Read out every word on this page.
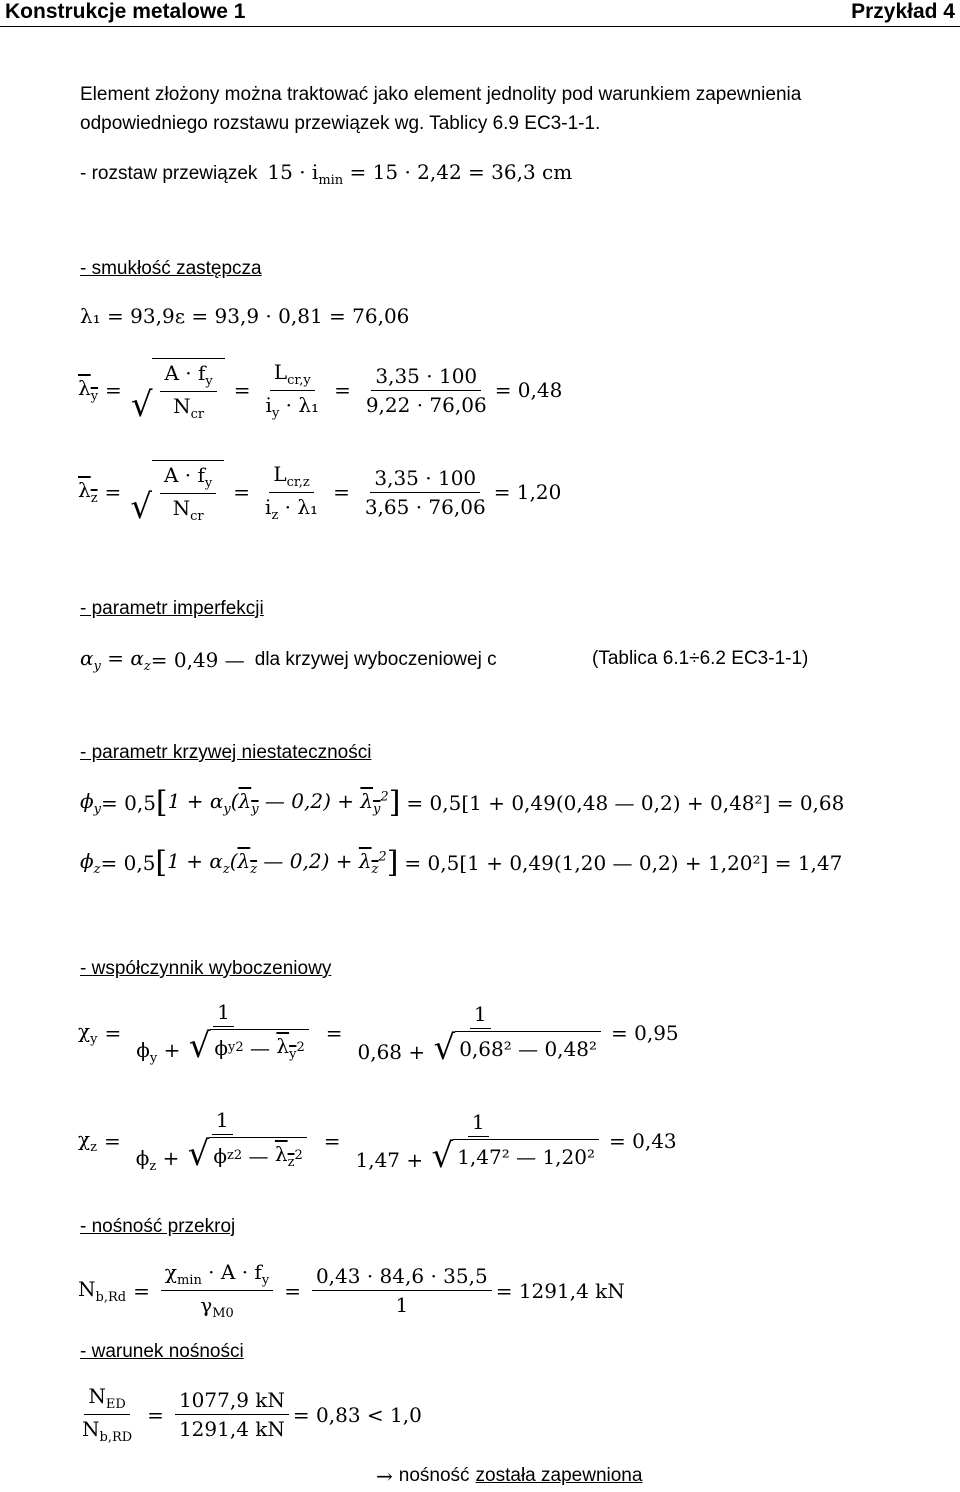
Konstrukcje metalowe 1	Przykład 4
Element złożony można traktować jako element jednolity pod warunkiem zapewnienia
odpowiedniego rozstawu przewiązek wg. Tablicy 6.9 EC3-1-1.
- rozstaw przewiązek $15 \cdot i_{min} = 15 \cdot 2,42 = 36,3$ cm
- smukłość zastępcza
λ₁ = 93,9ε = 93,9 · 0,81 = 76,06
$\lambda_y$ = √ $\frac{A \cdot f_y}{N_{cr}} = \frac{L_{cr,y}}{i_y \cdot \lambda_1} = \frac{3,35 \cdot 100}{9,22 \cdot 76,06} = 0,48$
$\lambda_z$ = √ $\frac{A \cdot f_y}{N_{cr}} = \frac{L_{cr,z}}{i_z \cdot \lambda_1} = \frac{3,35 \cdot 100}{3,65 \cdot 76,06} = 1,20$
- parametr imperfekcji
$\alpha_y = \alpha_z = 0,49$ — dla krzywej wyboczeniowej c	(Tablica 6.1÷6.2 EC3-1-1)
- parametr krzywej niestateczności
$\phi_y = 0,5$ [ $1 + \alpha_y(\lambda_y$ — $0,2) + \lambda_y^2$ ] = 0,5[1 + 0,49(0,48 — 0,2) + 0,48²] = 0,68
$\phi_z = 0,5$ [ $1 + \alpha_z(\lambda_z$ — $0,2) + \lambda_z^2$ ] = 0,5[1 + 0,49(1,20 — 0,2) + 1,20²] = 1,47
- współczynnik wyboczeniowy
$\chi_y = \frac{1}{\phi_y + √ \phi y 2 — \lambda_y 2} = \frac{1}{\text{0,68 + √ 0,68² — 0,48²}} = 0,95$
$\chi_z = \frac{1}{\phi_z + √ \phi z 2 — \lambda_z 2} = \frac{1}{\text{1,47 + √ 1,47² — 1,20²}} = 0,43$
- nośność przekroj
$N_{b,Rd} = \frac{\chi_{min} \cdot A \cdot f_y}{\gamma_{M0}} = \frac{0,43 \cdot 84,6 \cdot 35,5}{1} = 1291,4$ kN
- warunek nośności
$\frac{N_{ED}}{N_{b,RD}} = \frac{1077,9 kN}{1291,4 kN} = 0,83 < 1,0$
→ nośność została zapewniona
